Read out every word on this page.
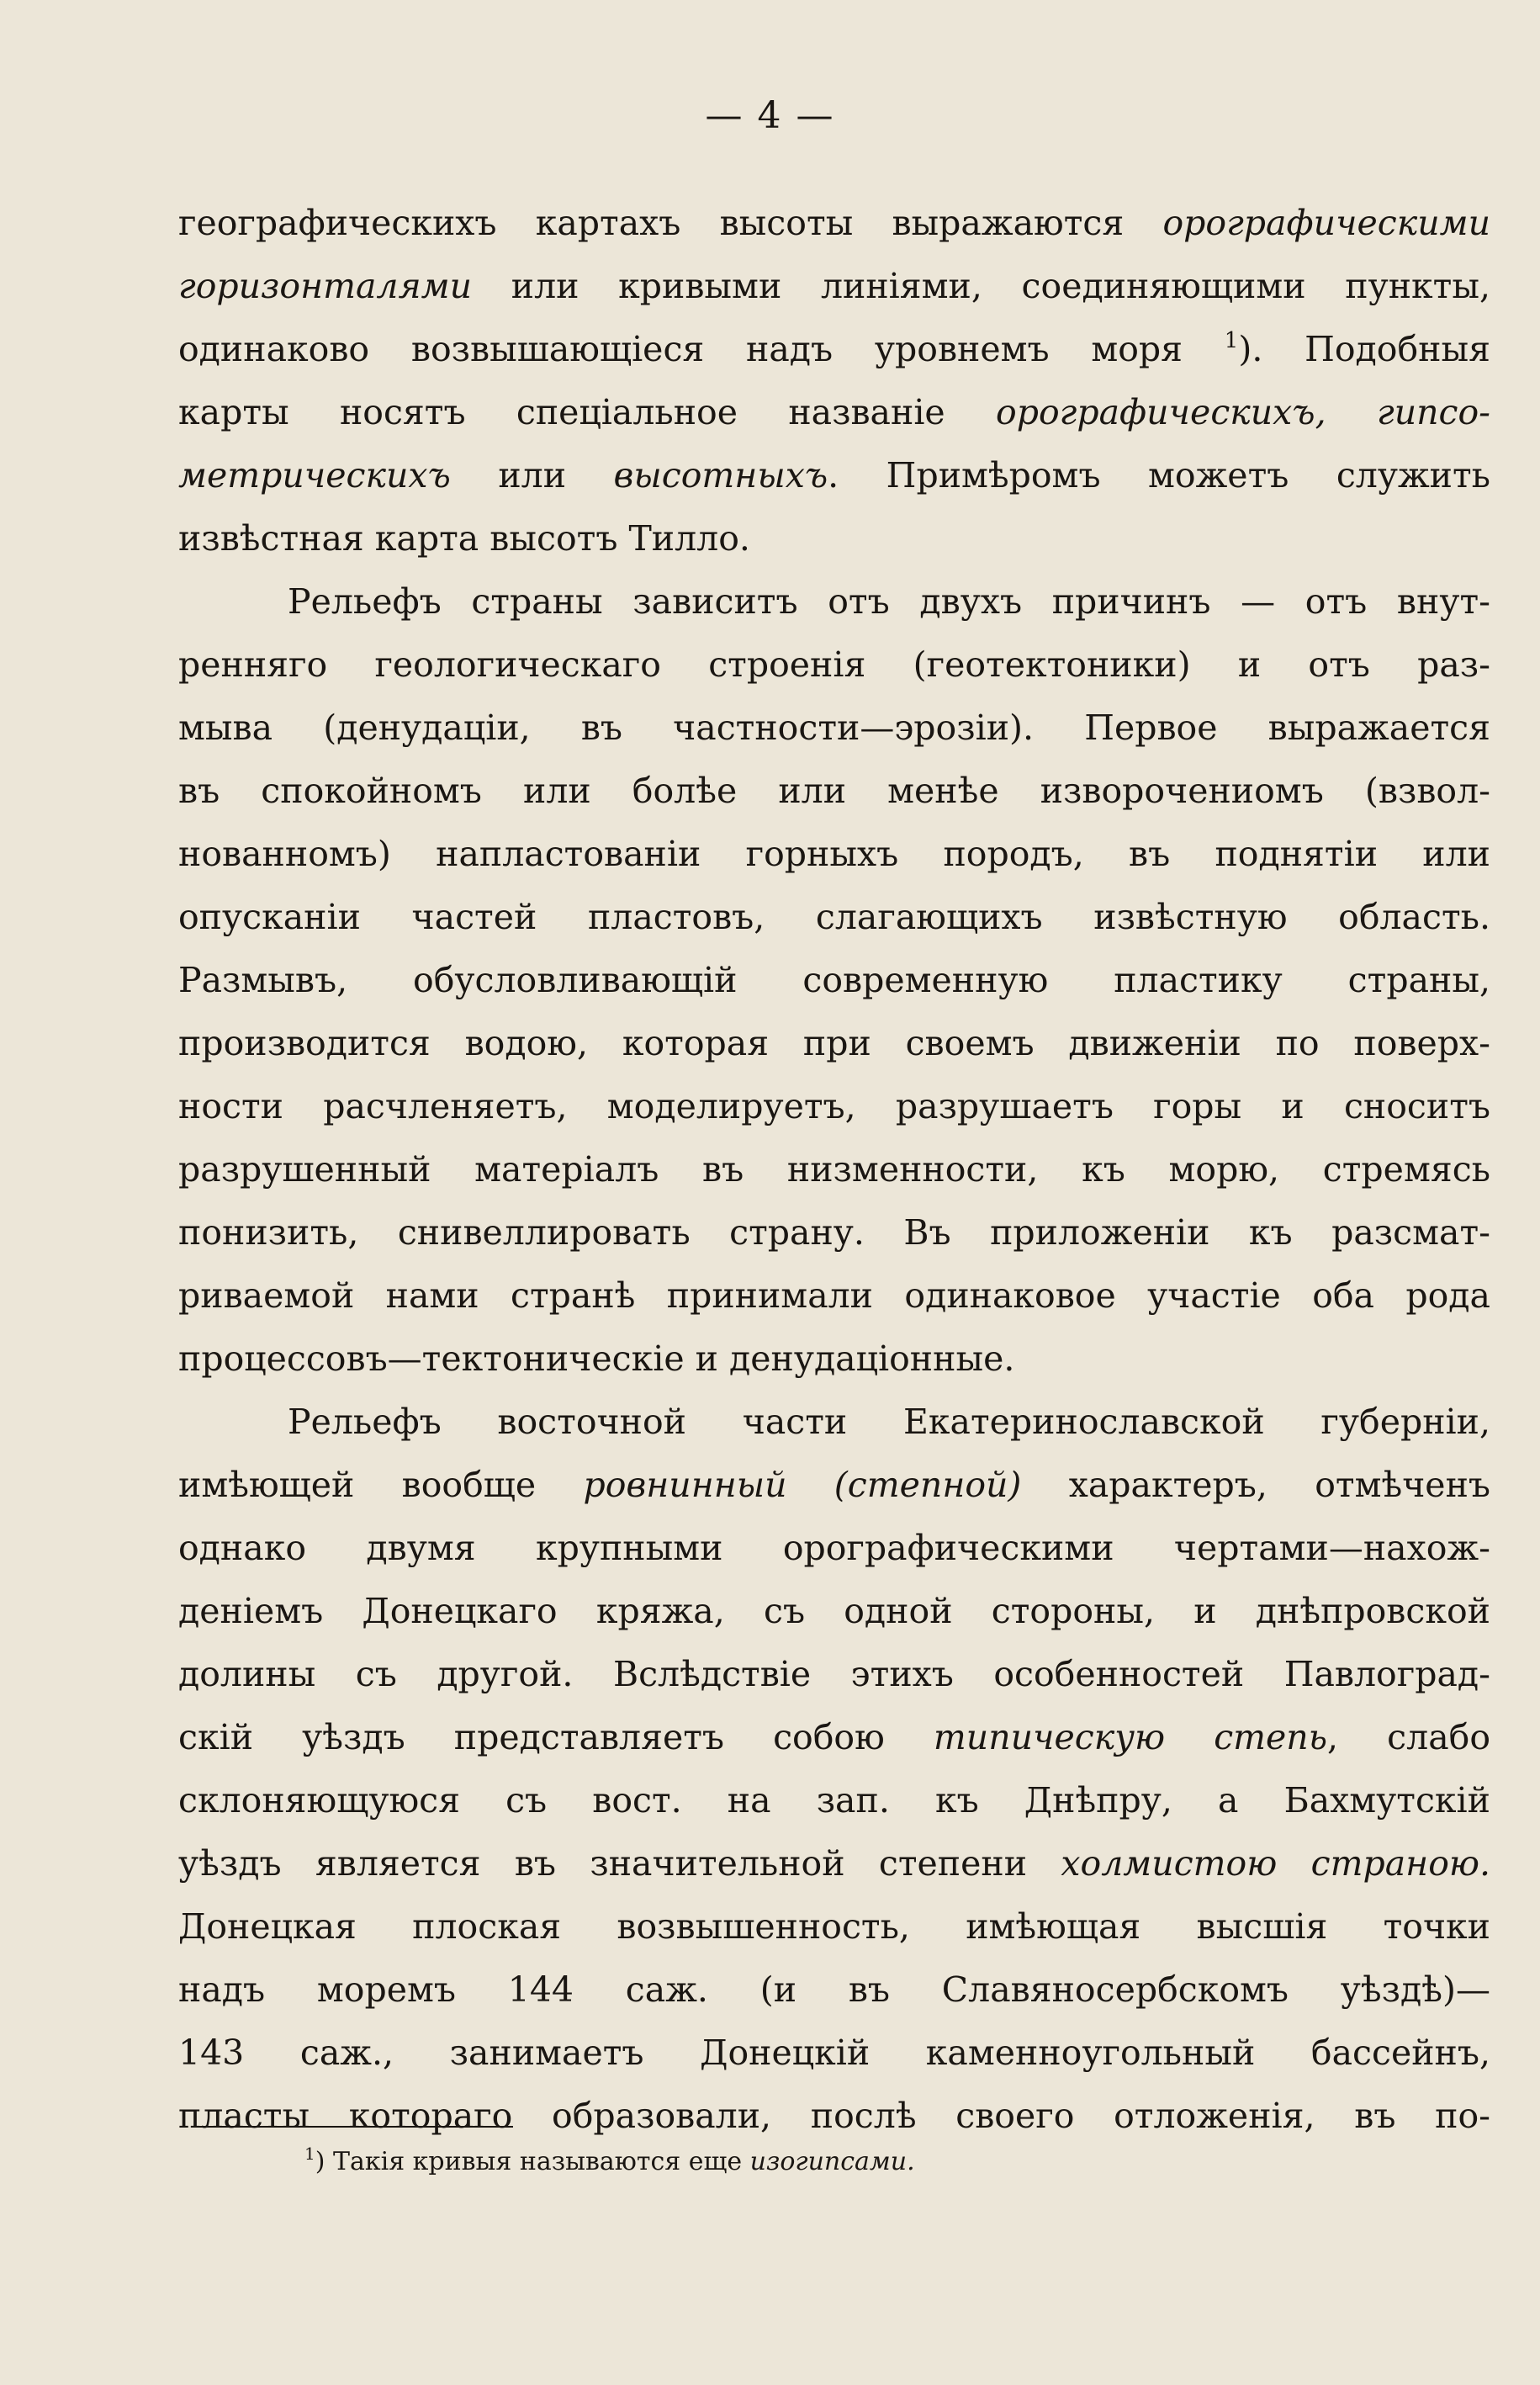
— 4 —
географическихъ картахъ высоты выражаются орографическими
горизонталями или кривыми линіями, соединяющими пункты,
одинаково возвышающіеся надъ уровнемъ моря $^1$). Подобныя
карты носятъ спеціальное названіе орографическихъ, гипсо-
метрическихъ или высотныхъ. Примѣромъ можетъ служить
извѣстная карта высотъ Тилло.
Рельефъ страны зависитъ отъ двухъ причинъ — отъ внут-
ренняго геологическаго строенія (геотектоники) и отъ раз-
мыва (денудаціи, въ частности—эрозіи). Первое выражается
въ спокойномъ или болѣе или менѣе изворочениомъ (взвол-
нованномъ) напластованіи горныхъ породъ, въ поднятіи или
опусканіи частей пластовъ, слагающихъ извѣстную область.
Размывъ, обусловливающій современную пластику страны,
производится водою, которая при своемъ движеніи по поверх-
ности расчленяетъ, моделируетъ, разрушаетъ горы и сноситъ
разрушенный матеріалъ въ низменности, къ морю, стремясь
понизить, снивеллировать страну. Въ приложеніи къ разсмат-
риваемой нами странѣ принимали одинаковое участіе оба рода
процессовъ—тектоническіе и денудаціонные.
Рельефъ восточной части Екатеринославской губерніи,
имѣющей вообще ровнинный (степной) характеръ, отмѣченъ
однако двумя крупными орографическими чертами—нахож-
деніемъ Донецкаго кряжа, съ одной стороны, и днѣпровской
долины съ другой. Вслѣдствіе этихъ особенностей Павлоград-
скій уѣздъ представляетъ собою типическую степь, слабо
склоняющуюся съ вост. на зап. къ Днѣпру, а Бахмутскій
уѣздъ является въ значительной степени холмистою страною.
Донецкая плоская возвышенность, имѣющая высшія точки
надъ моремъ 144 саж. (и въ Славяносербскомъ уѣздѣ)—
143 саж., занимаетъ Донецкій каменноугольный бассейнъ,
пласты котораго образовали, послѣ своего отложенія, въ по-
$^1$) Такія кривыя называются еще изогипсами.
